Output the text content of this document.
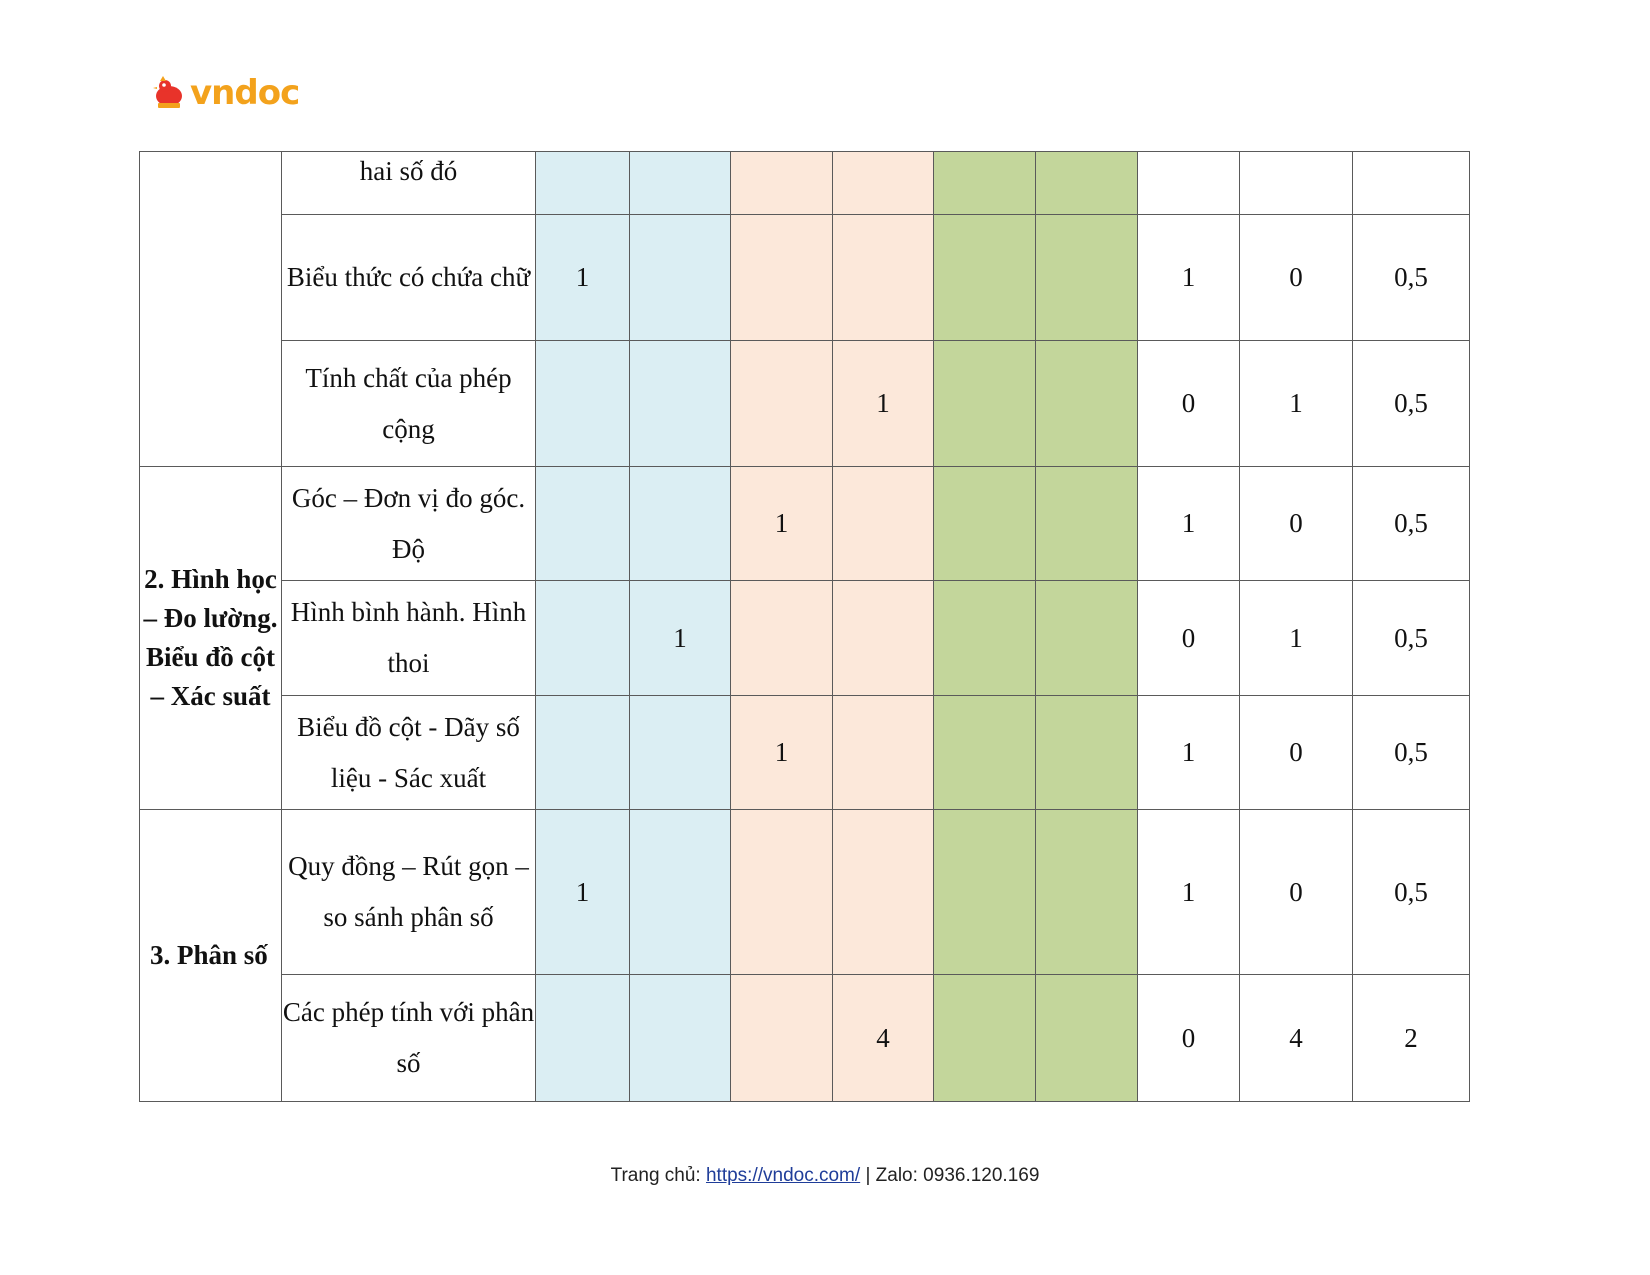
vndoc
	hai số đó									
	Biểu thức có chứa chữ	1						1	0	0,5
	Tính chất của phép cộng				1			0	1	0,5
2. Hình học – Đo lường. Biểu đồ cột – Xác suất	Góc – Đơn vị đo góc. Độ			1				1	0	0,5
	Hình bình hành. Hình thoi		1					0	1	0,5
	Biểu đồ cột - Dãy số liệu - Sác xuất			1				1	0	0,5
3. Phân số	Quy đồng – Rút gọn – so sánh phân số	1						1	0	0,5
	Các phép tính với phân số				4			0	4	2
Trang chủ: https://vndoc.com/ | Zalo: 0936.120.169
